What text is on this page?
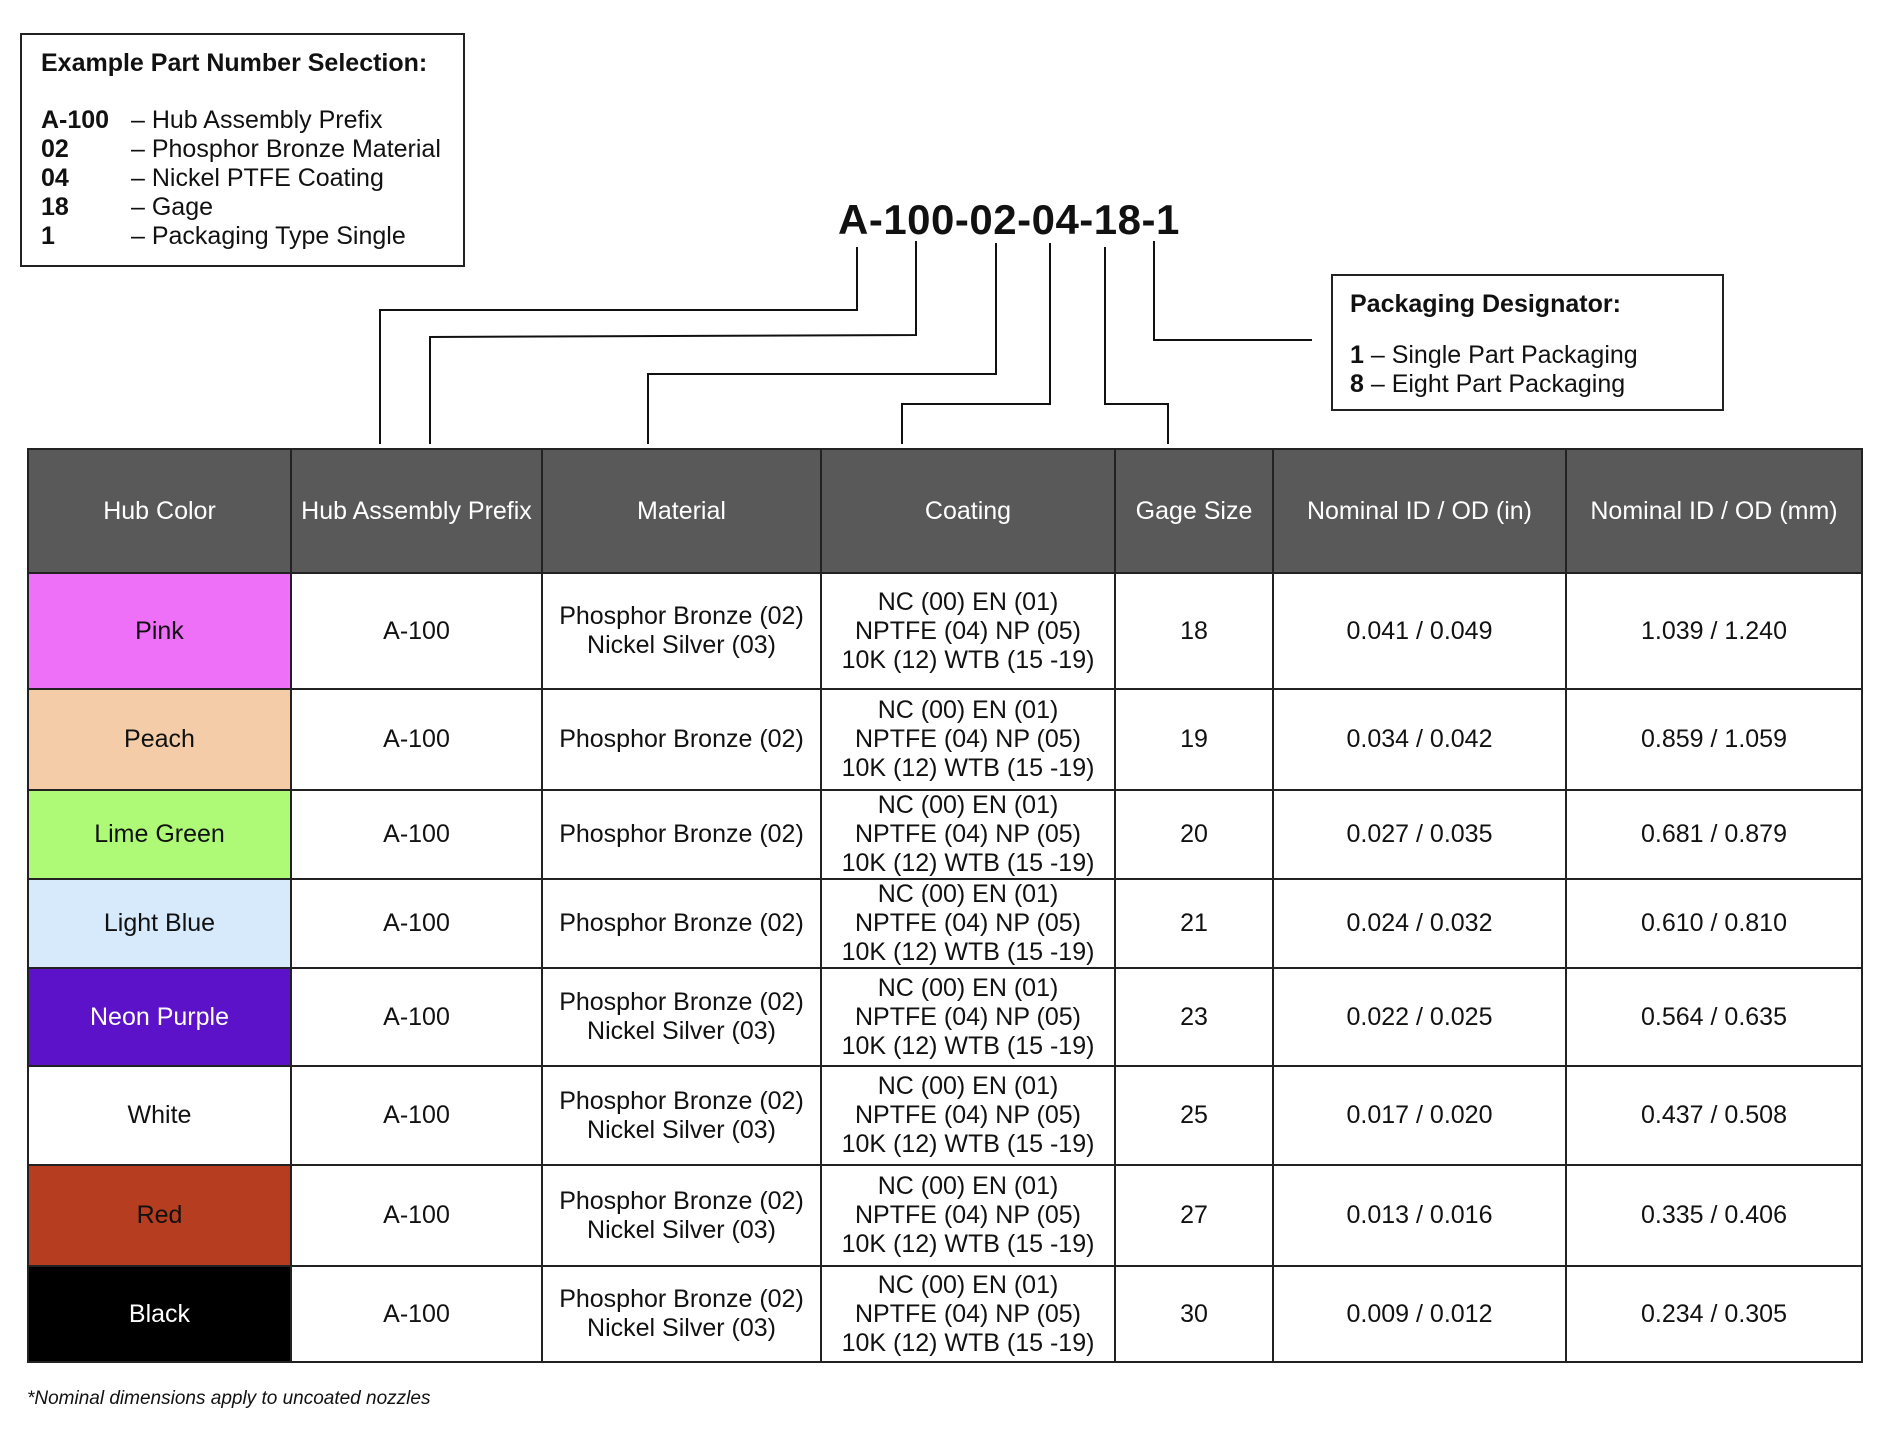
Example Part Number Selection:
A-100 – Hub Assembly Prefix
02	– Phosphor Bronze Material
04	– Nickel PTFE Coating
18	– Gage
1	– Packaging Type Single	A-100-02-04-18-1
Packaging Designator:
1 – Single Part Packaging
8 – Eight Part Packaging
Hub Color	Hub Assembly Prefix	Material	Coating	Gage Size	Nominal ID / OD (in)	Nominal ID / OD (mm)
Pink	A-100	Phosphor Bronze (02)
Nickel Silver (03)	NC (00) EN (01)
NPTFE (04) NP (05)
10K (12) WTB (15 -19)	18	0.041 / 0.049	1.039 / 1.240
Peach	A-100	Phosphor Bronze (02)	NC (00) EN (01)
NPTFE (04) NP (05)
10K (12) WTB (15 -19)	19	0.034 / 0.042	0.859 / 1.059
Lime Green	A-100	Phosphor Bronze (02)	NC (00) EN (01)
NPTFE (04) NP (05)
10K (12) WTB (15 -19)	20	0.027 / 0.035	0.681 / 0.879
Light Blue	A-100	Phosphor Bronze (02)	NC (00) EN (01)
NPTFE (04) NP (05)
10K (12) WTB (15 -19)	21	0.024 / 0.032	0.610 / 0.810
Neon Purple	A-100	Phosphor Bronze (02)
Nickel Silver (03)	NC (00) EN (01)
NPTFE (04) NP (05)
10K (12) WTB (15 -19)	23	0.022 / 0.025	0.564 / 0.635
White	A-100	Phosphor Bronze (02)
Nickel Silver (03)	NC (00) EN (01)
NPTFE (04) NP (05)
10K (12) WTB (15 -19)	25	0.017 / 0.020	0.437 / 0.508
Red	A-100	Phosphor Bronze (02)
Nickel Silver (03)	NC (00) EN (01)
NPTFE (04) NP (05)
10K (12) WTB (15 -19)	27	0.013 / 0.016	0.335 / 0.406
Black	A-100	Phosphor Bronze (02)
Nickel Silver (03)	NC (00) EN (01)
NPTFE (04) NP (05)
10K (12) WTB (15 -19)	30	0.009 / 0.012	0.234 / 0.305
*Nominal dimensions apply to uncoated nozzles
